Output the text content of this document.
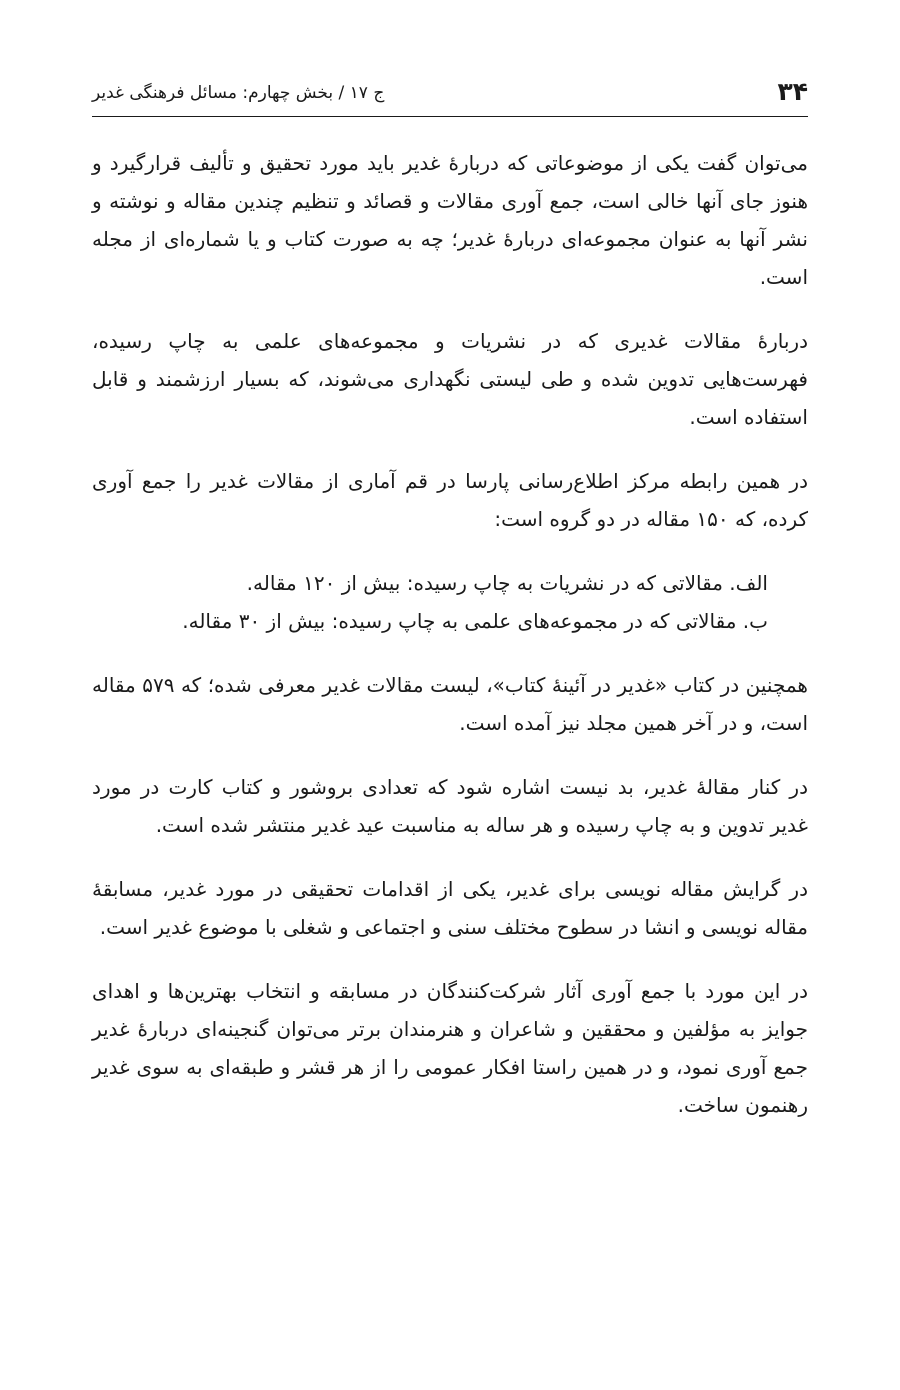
۳۴
ج ۱۷ / بخش چهارم: مسائل فرهنگی غدیر

می‌توان گفت یکی از موضوعاتی که دربارهٔ غدیر باید مورد تحقیق و تألیف قرارگیرد و هنوز جای آنها خالی است، جمع آوری مقالات و قصائد و تنظیم چندین مقاله و نوشته و نشر آنها به عنوان مجموعه‌ای دربارهٔ غدیر؛ چه به صورت کتاب و یا شماره‌ای از مجله است.

دربارهٔ مقالات غدیری که در نشریات و مجموعه‌های علمی به چاپ رسیده، فهرست‌هایی تدوین شده و طی لیستی نگهداری می‌شوند، که بسیار ارزشمند و قابل استفاده است.

در همین رابطه مرکز اطلاع‌رسانی پارسا در قم آماری از مقالات غدیر را جمع آوری کرده، که ۱۵۰ مقاله در دو گروه است:

الف. مقالاتی که در نشریات به چاپ رسیده: بیش از ۱۲۰ مقاله.

ب. مقالاتی که در مجموعه‌های علمی به چاپ رسیده: بیش از ۳۰ مقاله.

همچنین در کتاب «غدیر در آئینهٔ کتاب»، لیست مقالات غدیر معرفی شده؛ که ۵۷۹ مقاله است، و در آخر همین مجلد نیز آمده است.

در کنار مقالهٔ غدیر، بد نیست اشاره شود که تعدادی بروشور و کتاب کارت در مورد غدیر تدوین و به چاپ رسیده و هر ساله به مناسبت عید غدیر منتشر شده است.

در گرایش مقاله نویسی برای غدیر، یکی از اقدامات تحقیقی در مورد غدیر، مسابقهٔ مقاله نویسی و انشا در سطوح مختلف سنی و اجتماعی و شغلی با موضوع غدیر است.

در این مورد با جمع آوری آثار شرکت‌کنندگان در مسابقه و انتخاب بهترین‌ها و اهدای جوایز به مؤلفین و محققین و شاعران و هنرمندان برتر می‌توان گنجینه‌ای دربارهٔ غدیر جمع آوری نمود، و در همین راستا افکار عمومی را از هر قشر و طبقه‌ای به سوی غدیر رهنمون ساخت.
